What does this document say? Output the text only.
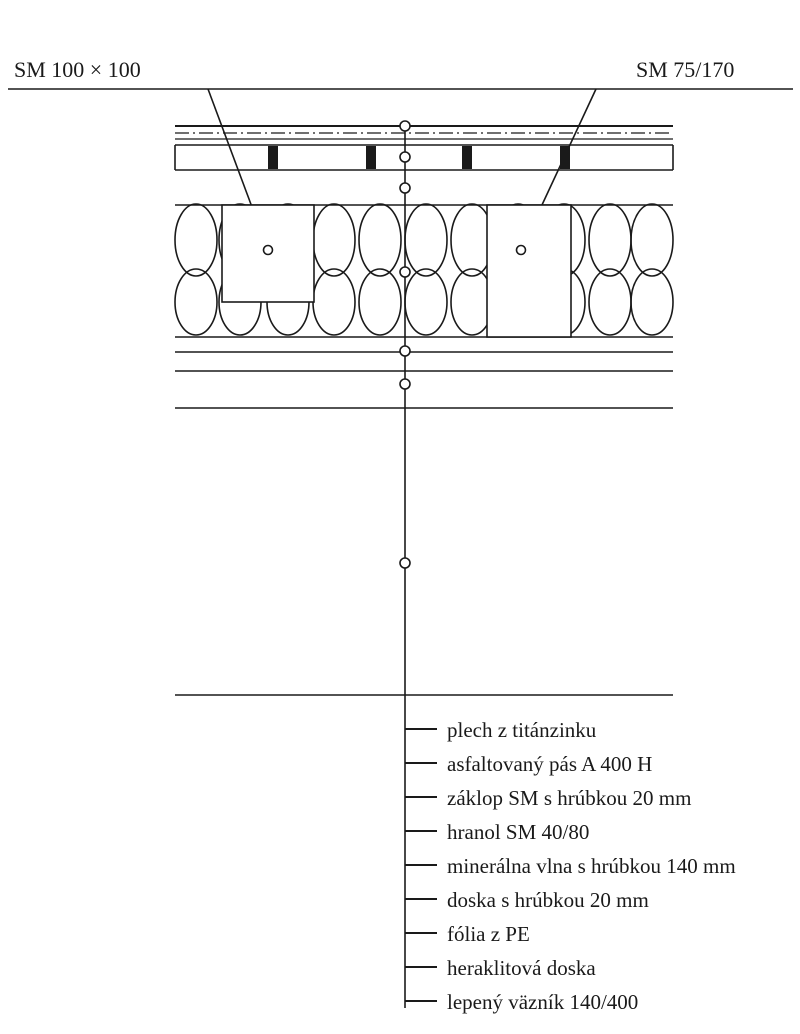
SM 100 × 100	SM 75/170
plech z titánzinku
asfaltovaný pás A 400 H
záklop SM s hrúbkou 20 mm
hranol SM 40/80
minerálna vlna s hrúbkou 140 mm
doska s hrúbkou 20 mm
fólia z PE
heraklitová doska
lepený väzník 140/400
